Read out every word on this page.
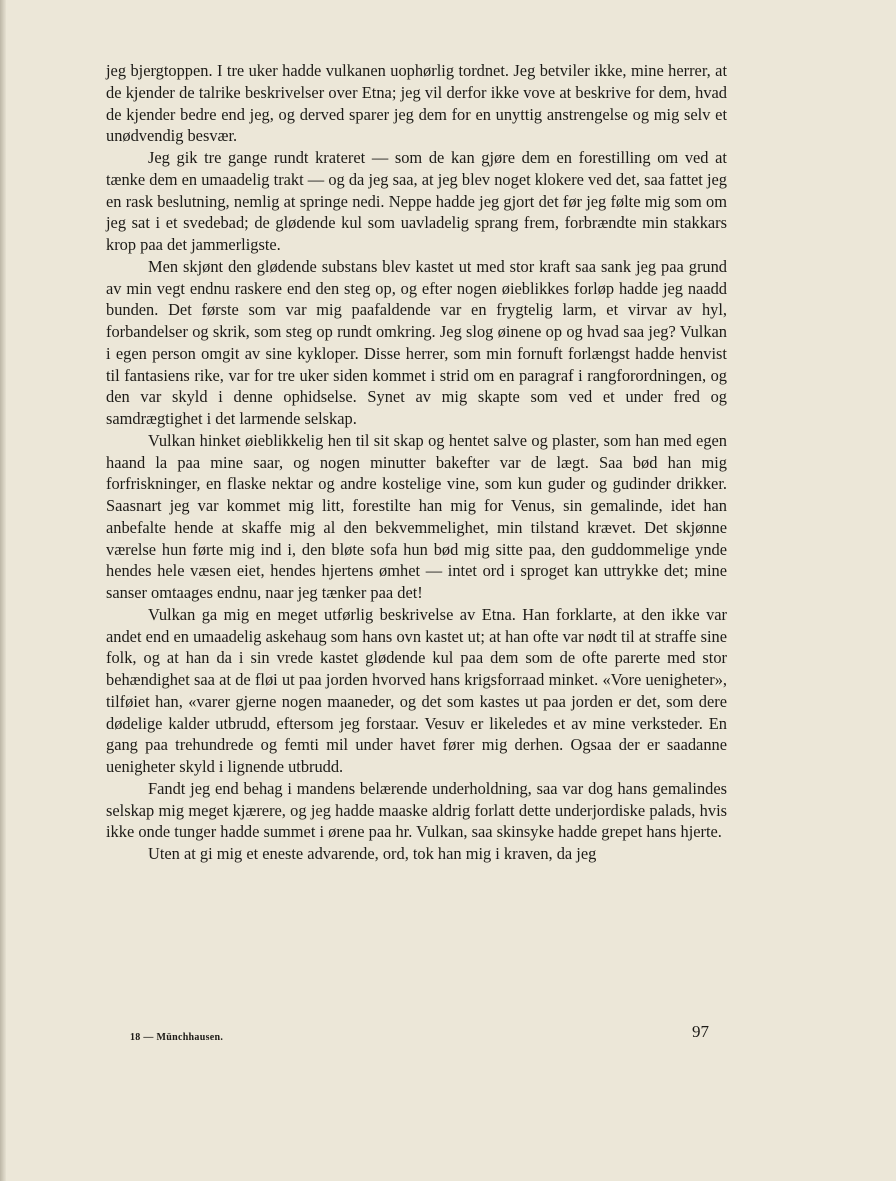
jeg bjergtoppen. I tre uker hadde vulkanen uophørlig tordnet. Jeg betviler ikke, mine herrer, at de kjender de talrike beskrivelser over Etna; jeg vil derfor ikke vove at beskrive for dem, hvad de kjender bedre end jeg, og derved sparer jeg dem for en unyttig anstrengelse og mig selv et unødvendig besvær.

Jeg gik tre gange rundt krateret — som de kan gjøre dem en forestilling om ved at tænke dem en umaadelig trakt — og da jeg saa, at jeg blev noget klokere ved det, saa fattet jeg en rask beslutning, nemlig at springe nedi. Neppe hadde jeg gjort det før jeg følte mig som om jeg sat i et svedebad; de glødende kul som uavladelig sprang frem, forbrændte min stakkars krop paa det jammerligste.

Men skjønt den glødende substans blev kastet ut med stor kraft saa sank jeg paa grund av min vegt endnu raskere end den steg op, og efter nogen øieblikkes forløp hadde jeg naadd bunden. Det første som var mig paafaldende var en frygtelig larm, et virvar av hyl, forbandelser og skrik, som steg op rundt omkring. Jeg slog øinene op og hvad saa jeg? Vulkan i egen person omgit av sine kykloper. Disse herrer, som min fornuft forlængst hadde henvist til fantasiens rike, var for tre uker siden kommet i strid om en paragraf i rangforordningen, og den var skyld i denne ophidselse. Synet av mig skapte som ved et under fred og samdrægtighet i det larmende selskap.

Vulkan hinket øieblikkelig hen til sit skap og hentet salve og plaster, som han med egen haand la paa mine saar, og nogen minutter bakefter var de lægt. Saa bød han mig forfriskninger, en flaske nektar og andre kostelige vine, som kun guder og gudinder drikker. Saasnart jeg var kommet mig litt, forestilte han mig for Venus, sin gemalinde, idet han anbefalte hende at skaffe mig al den bekvemmelighet, min tilstand krævet. Det skjønne værelse hun førte mig ind i, den bløte sofa hun bød mig sitte paa, den guddommelige ynde hendes hele væsen eiet, hendes hjertens ømhet — intet ord i sproget kan uttrykke det; mine sanser omtaages endnu, naar jeg tænker paa det!

Vulkan ga mig en meget utførlig beskrivelse av Etna. Han forklarte, at den ikke var andet end en umaadelig askehaug som hans ovn kastet ut; at han ofte var nødt til at straffe sine folk, og at han da i sin vrede kastet glødende kul paa dem som de ofte parerte med stor behændighet saa at de fløi ut paa jorden hvorved hans krigsforraad minket. «Vore uenigheter», tilføiet han, «varer gjerne nogen maaneder, og det som kastes ut paa jorden er det, som dere dødelige kalder utbrudd, eftersom jeg forstaar. Vesuv er likeledes et av mine verksteder. En gang paa trehundrede og femti mil under havet fører mig derhen. Ogsaa der er saadanne uenigheter skyld i lignende utbrudd.

Fandt jeg end behag i mandens belærende underholdning, saa var dog hans gemalindes selskap mig meget kjærere, og jeg hadde maaske aldrig forlatt dette underjordiske palads, hvis ikke onde tunger hadde summet i ørene paa hr. Vulkan, saa skinsyke hadde grepet hans hjerte.

Uten at gi mig et eneste advarende, ord, tok han mig i kraven, da jeg

18 — Münchhausen.	97
